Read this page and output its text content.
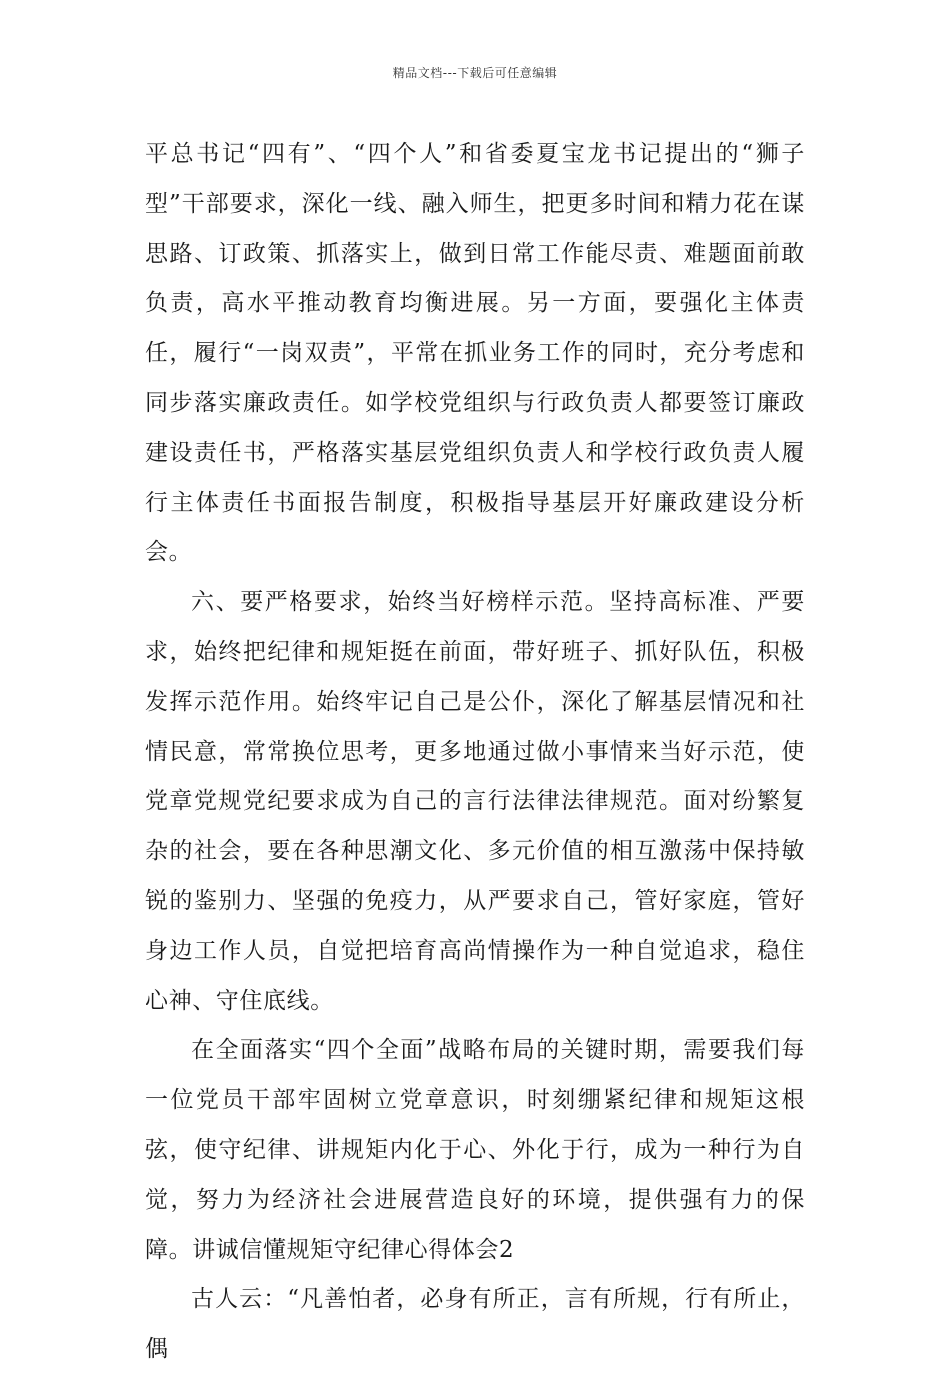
精品文档---下载后可任意编辑

平总书记“四有”、“四个人”和省委夏宝龙书记提出的“狮子型”干部要求，深化一线、融入师生，把更多时间和精力花在谋思路、订政策、抓落实上，做到日常工作能尽责、难题面前敢负责，高水平推动教育均衡进展。另一方面，要强化主体责任，履行“一岗双责”，平常在抓业务工作的同时，充分考虑和同步落实廉政责任。如学校党组织与行政负责人都要签订廉政建设责任书，严格落实基层党组织负责人和学校行政负责人履行主体责任书面报告制度，积极指导基层开好廉政建设分析会。

六、要严格要求，始终当好榜样示范。坚持高标准、严要求，始终把纪律和规矩挺在前面，带好班子、抓好队伍，积极发挥示范作用。始终牢记自己是公仆，深化了解基层情况和社情民意，常常换位思考，更多地通过做小事情来当好示范，使党章党规党纪要求成为自己的言行法律法律规范。面对纷繁复杂的社会，要在各种思潮文化、多元价值的相互激荡中保持敏锐的鉴别力、坚强的免疫力，从严要求自己，管好家庭，管好身边工作人员，自觉把培育高尚情操作为一种自觉追求，稳住心神、守住底线。

在全面落实“四个全面”战略布局的关键时期，需要我们每一位党员干部牢固树立党章意识，时刻绷紧纪律和规矩这根弦，使守纪律、讲规矩内化于心、外化于行，成为一种行为自觉，努力为经济社会进展营造良好的环境，提供强有力的保障。讲诚信懂规矩守纪律心得体会2

古人云：“凡善怕者，必身有所正，言有所规，行有所止，偶
